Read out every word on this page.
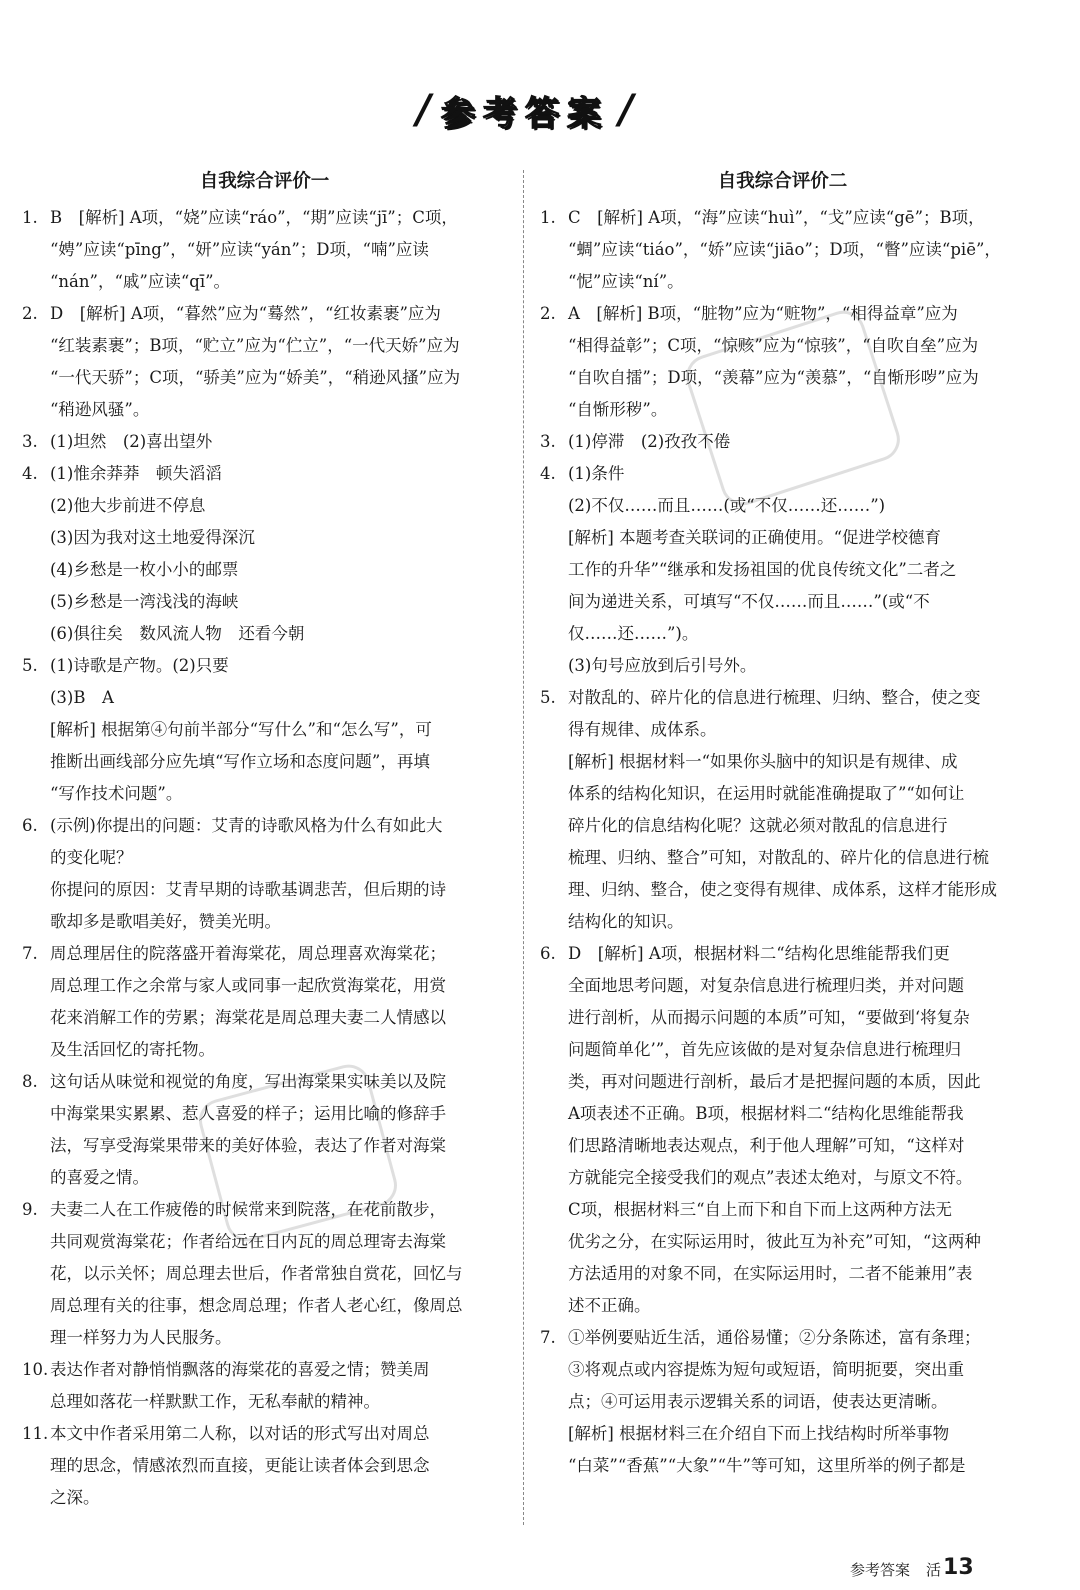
/ 参考答案 /
自我综合评价一
1. B　[解析] A项，“娆”应读“ráo”，“期”应读“jī”；C项，

“娉”应读“pīng”，“妍”应读“yán”；D项，“喃”应读

“nán”，“戚”应读“qī”。

2. D　[解析] A项，“暮然”应为“蓦然”，“红妆素裹”应为

“红装素裹”；B项，“贮立”应为“伫立”，“一代天娇”应为

“一代天骄”；C项，“骄美”应为“娇美”，“稍逊风搔”应为

“稍逊风骚”。

3. (1)坦然　(2)喜出望外

4. (1)惟余莽莽　顿失滔滔

(2)他大步前进不停息

(3)因为我对这土地爱得深沉

(4)乡愁是一枚小小的邮票

(5)乡愁是一湾浅浅的海峡

(6)俱往矣　数风流人物　还看今朝

5. (1)诗歌是产物。(2)只要

(3)B　A

[解析] 根据第④句前半部分“写什么”和“怎么写”，可

推断出画线部分应先填“写作立场和态度问题”，再填

“写作技术问题”。

6. (示例)你提出的问题：艾青的诗歌风格为什么有如此大

的变化呢？

你提问的原因：艾青早期的诗歌基调悲苦，但后期的诗

歌却多是歌唱美好，赞美光明。

7. 周总理居住的院落盛开着海棠花，周总理喜欢海棠花；

周总理工作之余常与家人或同事一起欣赏海棠花，用赏

花来消解工作的劳累；海棠花是周总理夫妻二人情感以

及生活回忆的寄托物。

8. 这句话从味觉和视觉的角度，写出海棠果实味美以及院

中海棠果实累累、惹人喜爱的样子；运用比喻的修辞手

法，写享受海棠果带来的美好体验，表达了作者对海棠

的喜爱之情。

9. 夫妻二人在工作疲倦的时候常来到院落，在花前散步，

共同观赏海棠花；作者给远在日内瓦的周总理寄去海棠

花，以示关怀；周总理去世后，作者常独自赏花，回忆与

周总理有关的往事，想念周总理；作者人老心红，像周总

理一样努力为人民服务。

10. 表达作者对静悄悄飘落的海棠花的喜爱之情；赞美周

总理如落花一样默默工作，无私奉献的精神。

11. 本文中作者采用第二人称，以对话的形式写出对周总

理的思念，情感浓烈而直接，更能让读者体会到思念

之深。

自我综合评价二
1. C　[解析] A项，“海”应读“huì”，“戈”应读“gē”；B项，

“蜩”应读“tiáo”，“娇”应读“jiāo”；D项，“瞥”应读“piē”，

“怩”应读“ní”。

2. A　[解析] B项，“脏物”应为“赃物”，“相得益章”应为

“相得益彰”；C项，“惊赅”应为“惊骇”，“自吹自垒”应为

“自吹自擂”；D项，“羡幕”应为“羡慕”，“自惭形哕”应为

“自惭形秽”。

3. (1)停滞　(2)孜孜不倦

4. (1)条件

(2)不仅……而且……(或“不仅……还……”)

[解析] 本题考查关联词的正确使用。“促进学校德育

工作的升华”“继承和发扬祖国的优良传统文化”二者之

间为递进关系，可填写“不仅……而且……”(或“不

仅……还……”)。

(3)句号应放到后引号外。

5. 对散乱的、碎片化的信息进行梳理、归纳、整合，使之变

得有规律、成体系。

[解析] 根据材料一“如果你头脑中的知识是有规律、成

体系的结构化知识，在运用时就能准确提取了”“如何让

碎片化的信息结构化呢？这就必须对散乱的信息进行

梳理、归纳、整合”可知，对散乱的、碎片化的信息进行梳

理、归纳、整合，使之变得有规律、成体系，这样才能形成

结构化的知识。

6. D　[解析] A项，根据材料二“结构化思维能帮我们更

全面地思考问题，对复杂信息进行梳理归类，并对问题

进行剖析，从而揭示问题的本质”可知，“要做到‘将复杂

问题简单化’”，首先应该做的是对复杂信息进行梳理归

类，再对问题进行剖析，最后才是把握问题的本质，因此

A项表述不正确。B项，根据材料二“结构化思维能帮我

们思路清晰地表达观点，利于他人理解”可知，“这样对

方就能完全接受我们的观点”表述太绝对，与原文不符。

C项，根据材料三“自上而下和自下而上这两种方法无

优劣之分，在实际运用时，彼此互为补充”可知，“这两种

方法适用的对象不同，在实际运用时，二者不能兼用”表

述不正确。

7. ①举例要贴近生活，通俗易懂；②分条陈述，富有条理；

③将观点或内容提炼为短句或短语，简明扼要，突出重

点；④可运用表示逻辑关系的词语，使表达更清晰。

[解析] 根据材料三在介绍自下而上找结构时所举事物

“白菜”“香蕉”“大象”“牛”等可知，这里所举的例子都是

参考答案 活 13
